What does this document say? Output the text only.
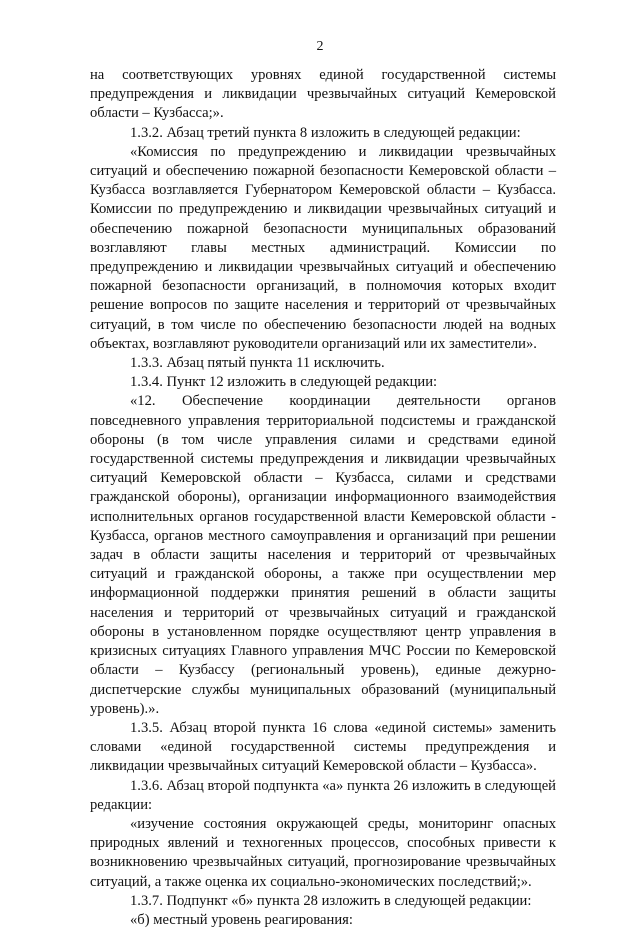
2

на соответствующих уровнях единой государственной системы предупреждения и ликвидации чрезвычайных ситуаций Кемеровской области – Кузбасса;».

1.3.2. Абзац третий пункта 8 изложить в следующей редакции:

«Комиссия по предупреждению и ликвидации чрезвычайных ситуаций и обеспечению пожарной безопасности Кемеровской области – Кузбасса возглавляется Губернатором Кемеровской области – Кузбасса. Комиссии по предупреждению и ликвидации чрезвычайных ситуаций и обеспечению пожарной безопасности муниципальных образований возглавляют главы местных администраций. Комиссии по предупреждению и ликвидации чрезвычайных ситуаций и обеспечению пожарной безопасности организаций, в полномочия которых входит решение вопросов по защите населения и территорий от чрезвычайных ситуаций, в том числе по обеспечению безопасности людей на водных объектах, возглавляют руководители организаций или их заместители».

1.3.3. Абзац пятый пункта 11 исключить.

1.3.4. Пункт 12 изложить в следующей редакции:

«12. Обеспечение координации деятельности органов повседневного управления территориальной подсистемы и гражданской обороны (в том числе управления силами и средствами единой государственной системы предупреждения и ликвидации чрезвычайных ситуаций Кемеровской области – Кузбасса, силами и средствами гражданской обороны), организации информационного взаимодействия исполнительных органов государственной власти Кемеровской области - Кузбасса, органов местного самоуправления и организаций при решении задач в области защиты населения и территорий от чрезвычайных ситуаций и гражданской обороны, а также при осуществлении мер информационной поддержки принятия решений в области защиты населения и территорий от чрезвычайных ситуаций и гражданской обороны в установленном порядке осуществляют центр управления в кризисных ситуациях Главного управления МЧС России по Кемеровской области – Кузбассу (региональный уровень), единые дежурно-диспетчерские службы муниципальных образований (муниципальный уровень).».

1.3.5. Абзац второй пункта 16 слова «единой системы» заменить словами «единой государственной системы предупреждения и ликвидации чрезвычайных ситуаций Кемеровской области – Кузбасса».

1.3.6. Абзац второй подпункта «а» пункта 26 изложить в следующей редакции:

«изучение состояния окружающей среды, мониторинг опасных природных явлений и техногенных процессов, способных привести к возникновению чрезвычайных ситуаций, прогнозирование чрезвычайных ситуаций, а также оценка их социально-экономических последствий;».

1.3.7. Подпункт «б» пункта 28 изложить в следующей редакции:

«б) местный уровень реагирования:
